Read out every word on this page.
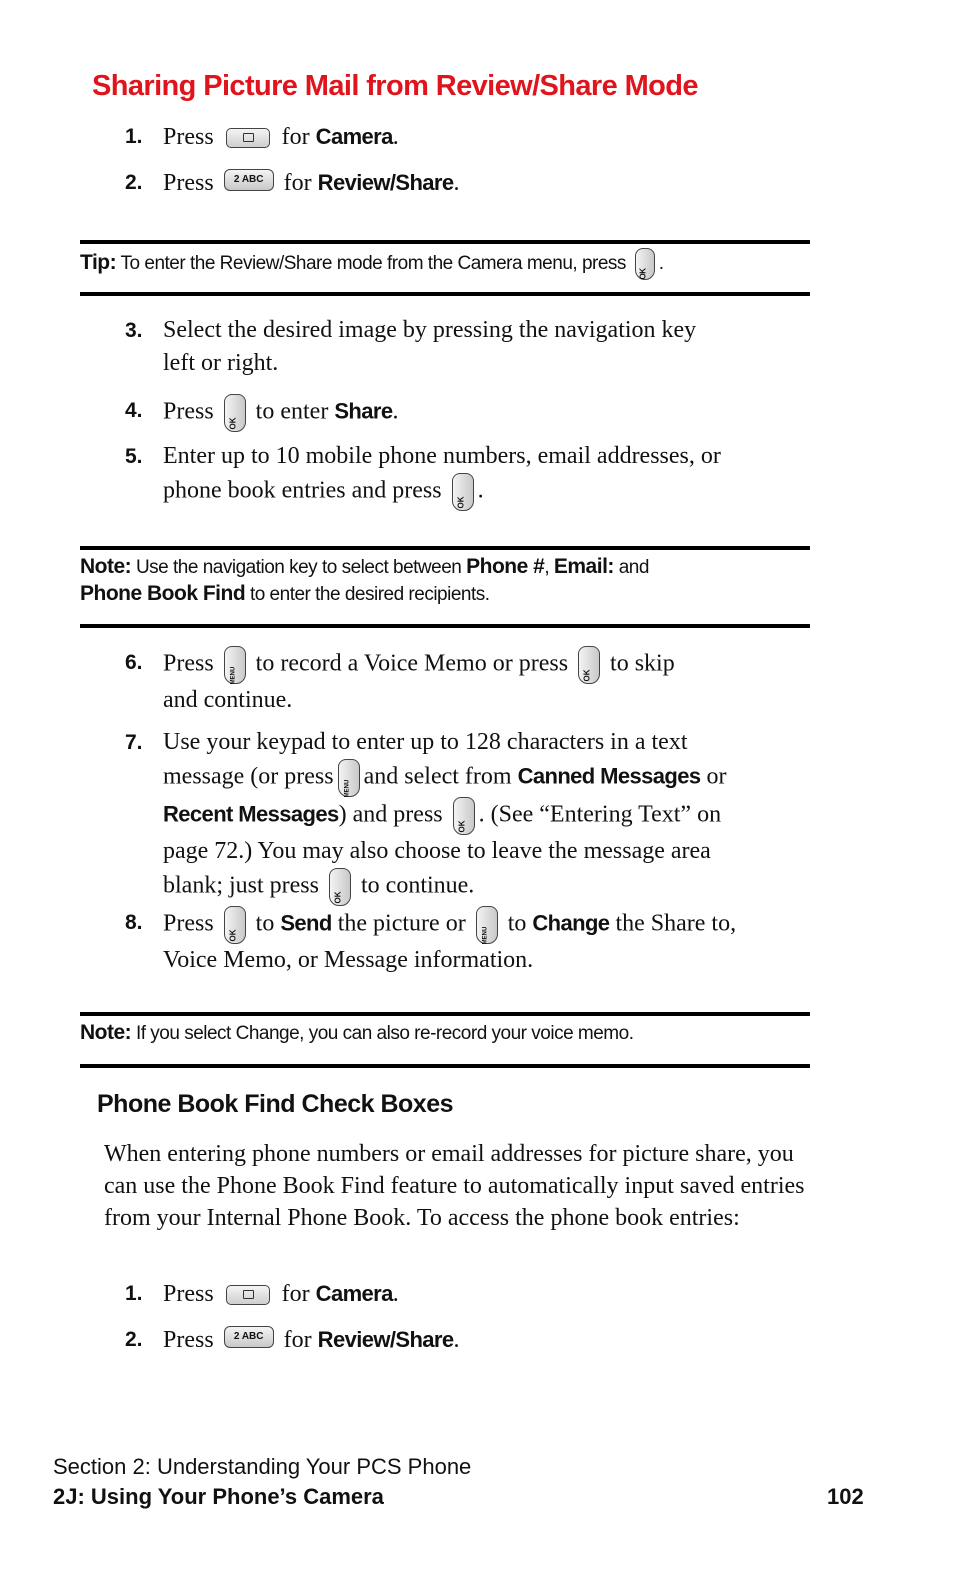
Sharing Picture Mail from Review/Share Mode
1. Press	for Camera.
2. Press 2 ABC for Review/Share.
Tip: To enter the Review/Share mode from the Camera menu, press	OK .
3. Select the desired image by pressing the navigation key
left or right.
4. Press	OK to enter Share.
5. Enter up to 10 mobile phone numbers, email addresses, or
phone book entries and press	OK .
Note: Use the navigation key to select between Phone #, Email: and
Phone Book Find to enter the desired recipients.
6. Press	MENU to record a Voice Memo or press	OK to skip
and continue.
7. Use your keypad to enter up to 128 characters in a text
message (or press	MENU and select from Canned Messages or
Recent Messages) and press	OK . (See “Entering Text” on
page 72.) You may also choose to leave the message area
blank; just press	OK to continue.
8. Press	OK to Send the picture or	MENU to Change the Share to,
Voice Memo, or Message information.
Note: If you select Change, you can also re-record your voice memo.
Phone Book Find Check Boxes

When entering phone numbers or email addresses for picture share, you can use the Phone Book Find feature to automatically input saved entries from your Internal Phone Book. To access the phone book entries:

1. Press	for Camera.
2. Press 2 ABC for Review/Share.
Section 2: Understanding Your PCS Phone
2J: Using Your Phone’s Camera	102
